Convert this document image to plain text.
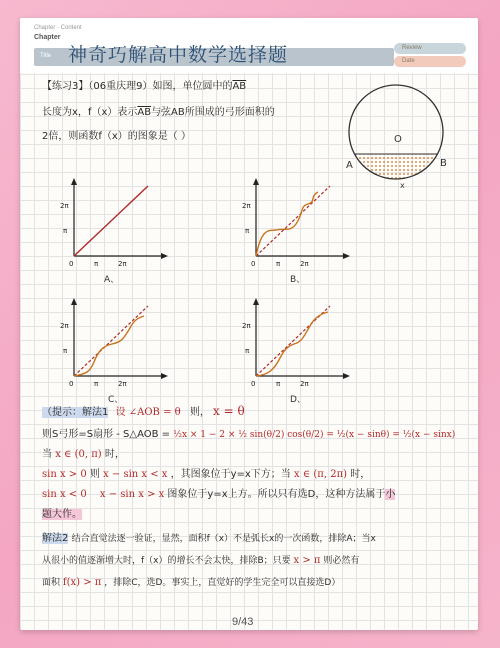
Chapter · Content
Chapter
Title 神奇巧解高中数学选择题	Review
Date
【练习3】（06重庆理9）如图，单位圆中的$\overline{AB}$
长度为x，f（x）表示$\overline{AB}$与弦AB所围成的弓形面积的
2倍，则函数f（x）的图象是（ ）	O
A	B
x
2π
π
0	π	2π
A、
2π
π
0	π	2π
B、
2π
π
0	π	2π
C、
2π
π
0	π	2π
D、
（提示：解法1 设 ∠AOB = θ 则， x = θ
则S弓形=S扇形 - S△AOB = ½x × 1 − 2 × ½ sin(θ/2) cos(θ/2) = ½(x − sinθ) = ½(x − sinx)
当 x ∈ (0, π) 时，
sin x > 0 则 x − sin x < x ，其图象位于y=x下方；当 x ∈ (π, 2π) 时，
sin x < 0 x − sin x > x 图象位于y=x上方。所以只有选D，这种方法属于小
题大作。
解法2 结合直觉法逐一验证，显然，面积f（x）不是弧长x的一次函数，排除A；当x
从很小的值逐渐增大时，f（x）的增长不会太快，排除B；只要 x > π 则必然有
面积 f(x) > π ，排除C，选D。事实上，直觉好的学生完全可以直接选D）
9/43
